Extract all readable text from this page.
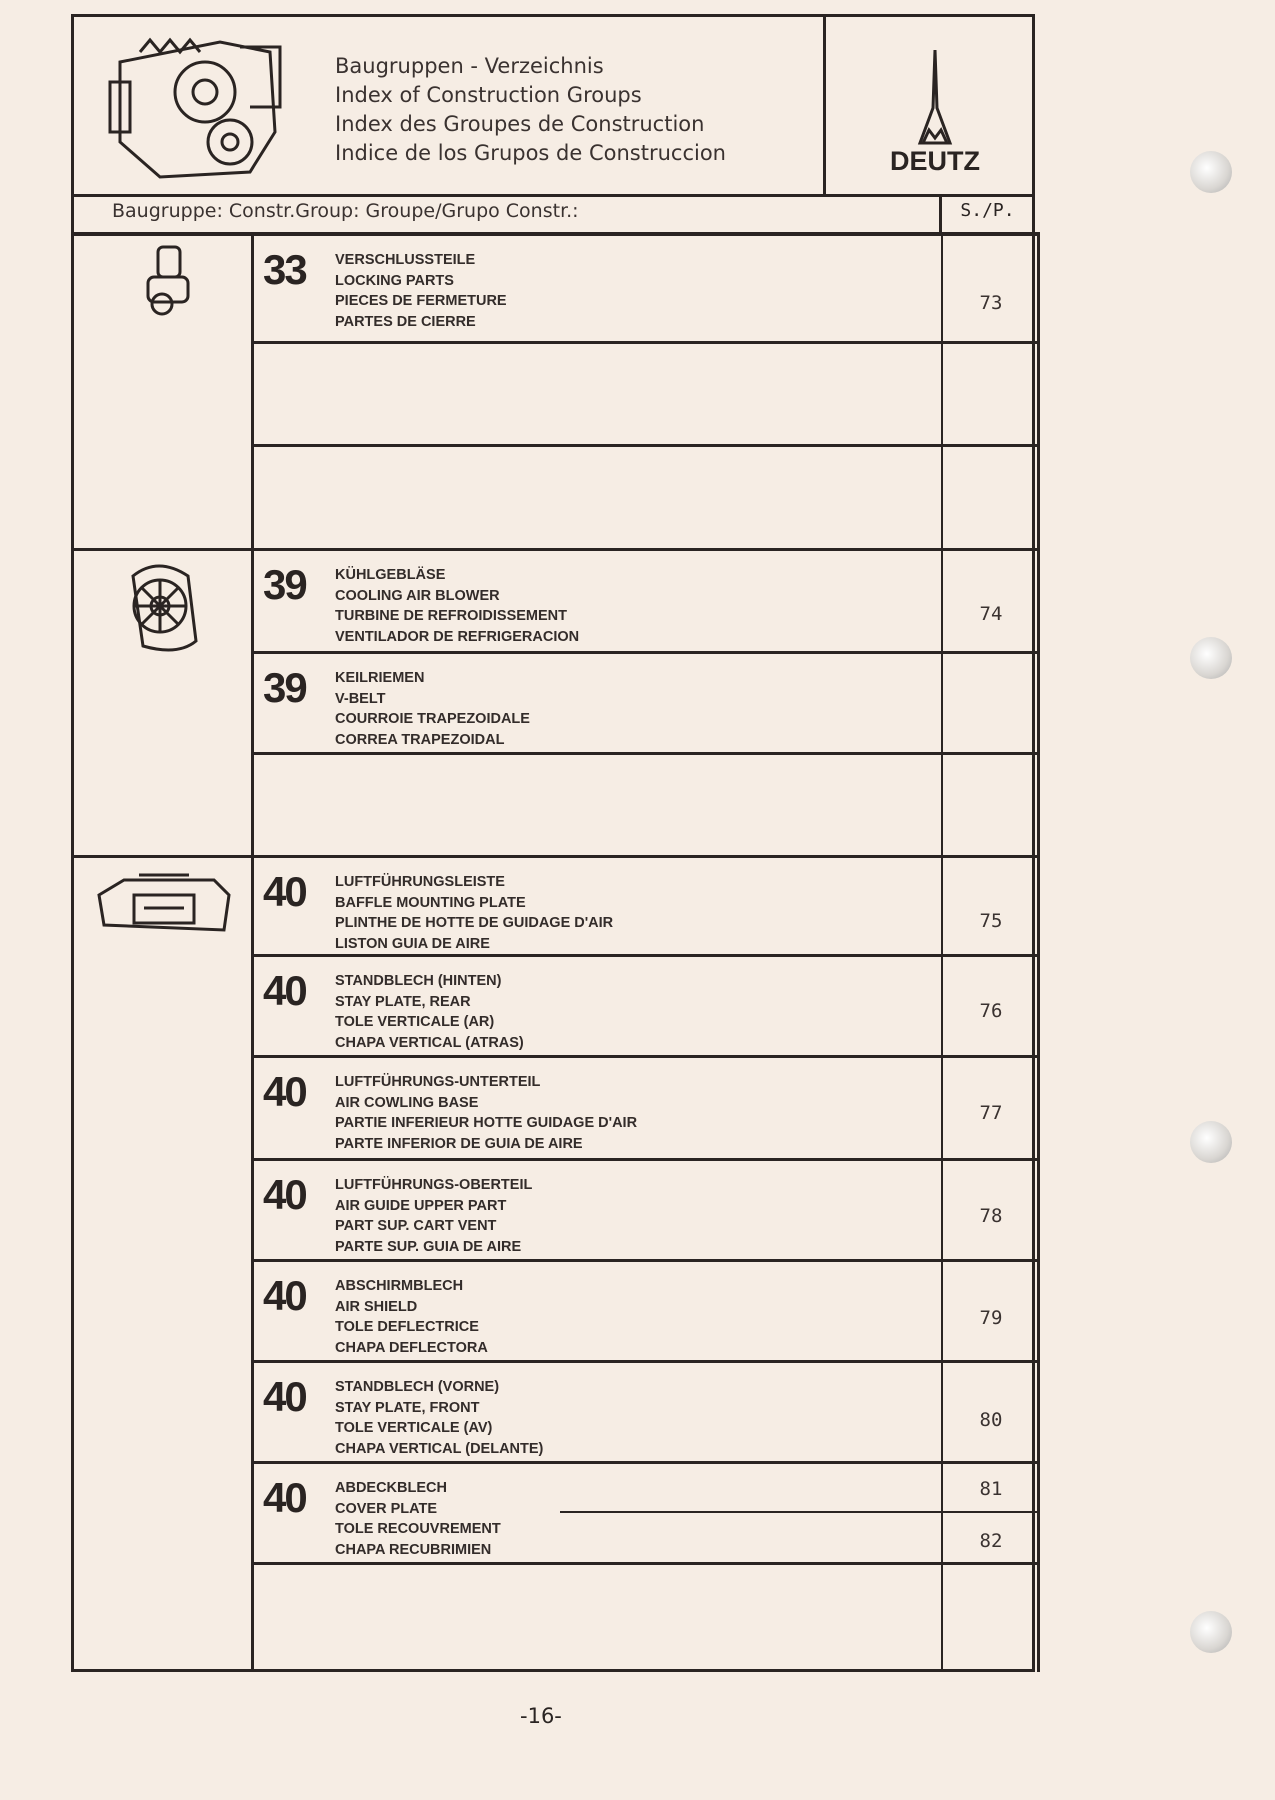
Baugruppen - Verzeichnis
Index of Construction Groups
Index des Groupes de Construction
Indice de los Grupos de Construccion	DEUTZ
Baugruppe: Constr.Group: Groupe/Grupo Constr.:	S./P.
33 VERSCHLUSSTEILE
LOCKING PARTS
PIECES DE FERMETURE
PARTES DE CIERRE
73
39 KÜHLGEBLÄSE
COOLING AIR BLOWER
TURBINE DE REFROIDISSEMENT
VENTILADOR DE REFRIGERACION
74
39 KEILRIEMEN
V-BELT
COURROIE TRAPEZOIDALE
CORREA TRAPEZOIDAL
40 LUFTFÜHRUNGSLEISTE
BAFFLE MOUNTING PLATE
PLINTHE DE HOTTE DE GUIDAGE D'AIR
LISTON GUIA DE AIRE
75
40 STANDBLECH (HINTEN)
STAY PLATE, REAR
TOLE VERTICALE (AR)
CHAPA VERTICAL (ATRAS)
76
40 LUFTFÜHRUNGS-UNTERTEIL
AIR COWLING BASE
PARTIE INFERIEUR HOTTE GUIDAGE D'AIR
PARTE INFERIOR DE GUIA DE AIRE
77
40 LUFTFÜHRUNGS-OBERTEIL
AIR GUIDE UPPER PART
PART SUP. CART VENT
PARTE SUP. GUIA DE AIRE
78
40 ABSCHIRMBLECH
AIR SHIELD
TOLE DEFLECTRICE
CHAPA DEFLECTORA
79
40 STANDBLECH (VORNE)
STAY PLATE, FRONT
TOLE VERTICALE (AV)
CHAPA VERTICAL (DELANTE)
80
40 ABDECKBLECH
COVER PLATE
TOLE RECOUVREMENT
CHAPA RECUBRIMIEN
81
82
-16-
